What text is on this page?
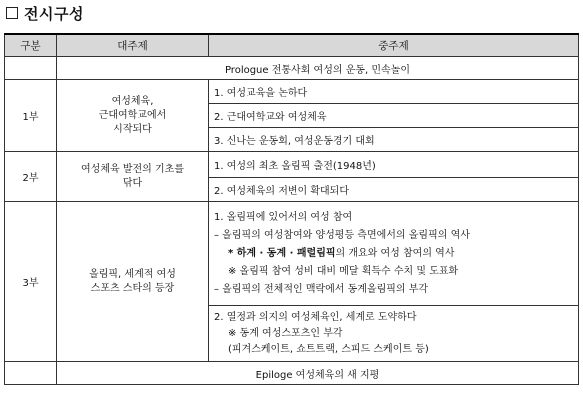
전시구성
구분	대주제	중주제
	Prologue 전통사회 여성의 운동, 민속놀이	
1부	여성체육,
근대여학교에서
시작되다	1. 여성교육을 논하다
		2. 근대여학교와 여성체육
		3. 신나는 운동회, 여성운동경기 대회
2부	여성체육 발전의 기초를
닦다	1. 여성의 최초 올림픽 출전(1948년)
		2. 여성체육의 저변이 확대되다
3부	올림픽, 세계적 여성
스포츠 스타의 등장	1. 올림픽에 있어서의 여성 참여
– 올림픽의 여성참여와 양성평등 측면에서의 올림픽의 역사
* 하계 · 동계 · 패럴림픽의 개요와 여성 참여의 역사
※ 올림픽 참여 성비 대비 메달 획득수 수치 및 도표화
– 올림픽의 전체적인 맥락에서 동계올림픽의 부각

		2. 열정과 의지의 여성체육인, 세계로 도약하다
※ 동계 여성스포츠인 부각
(피겨스케이트, 쇼트트랙, 스피드 스케이트 등)

	Epiloge 여성체육의 새 지평	
